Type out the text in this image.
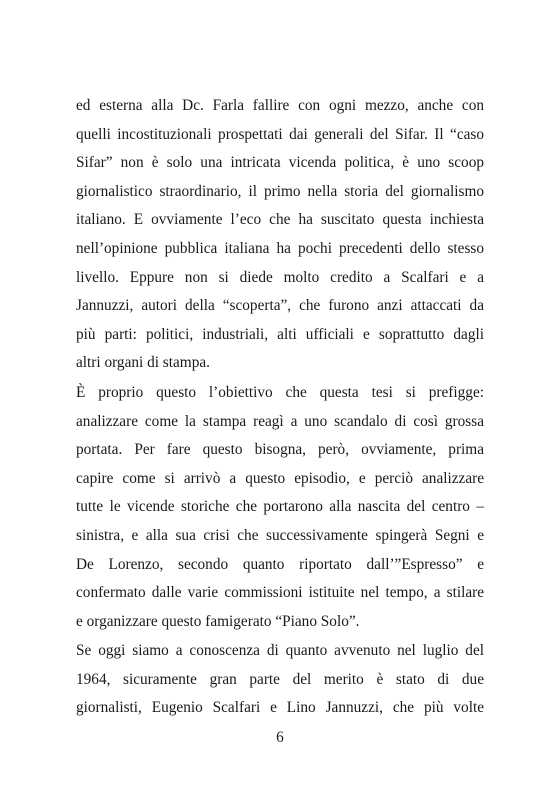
ed esterna alla Dc. Farla fallire con ogni mezzo, anche con
quelli incostituzionali prospettati dai generali del Sifar. Il “caso
Sifar” non è solo una intricata vicenda politica, è uno scoop
giornalistico straordinario, il primo nella storia del giornalismo
italiano. E ovviamente l’eco che ha suscitato questa inchiesta
nell’opinione pubblica italiana ha pochi precedenti dello stesso
livello. Eppure non si diede molto credito a Scalfari e a
Jannuzzi, autori della “scoperta”, che furono anzi attaccati da
più parti: politici, industriali, alti ufficiali e soprattutto dagli
altri organi di stampa.
È proprio questo l’obiettivo che questa tesi si prefigge:
analizzare come la stampa reagì a uno scandalo di così grossa
portata. Per fare questo bisogna, però, ovviamente, prima
capire come si arrivò a questo episodio, e perciò analizzare
tutte le vicende storiche che portarono alla nascita del centro –
sinistra, e alla sua crisi che successivamente spingerà Segni e
De Lorenzo, secondo quanto riportato dall’”Espresso” e
confermato dalle varie commissioni istituite nel tempo, a stilare
e organizzare questo famigerato “Piano Solo”.
Se oggi siamo a conoscenza di quanto avvenuto nel luglio del
1964, sicuramente gran parte del merito è stato di due
giornalisti, Eugenio Scalfari e Lino Jannuzzi, che più volte
6
